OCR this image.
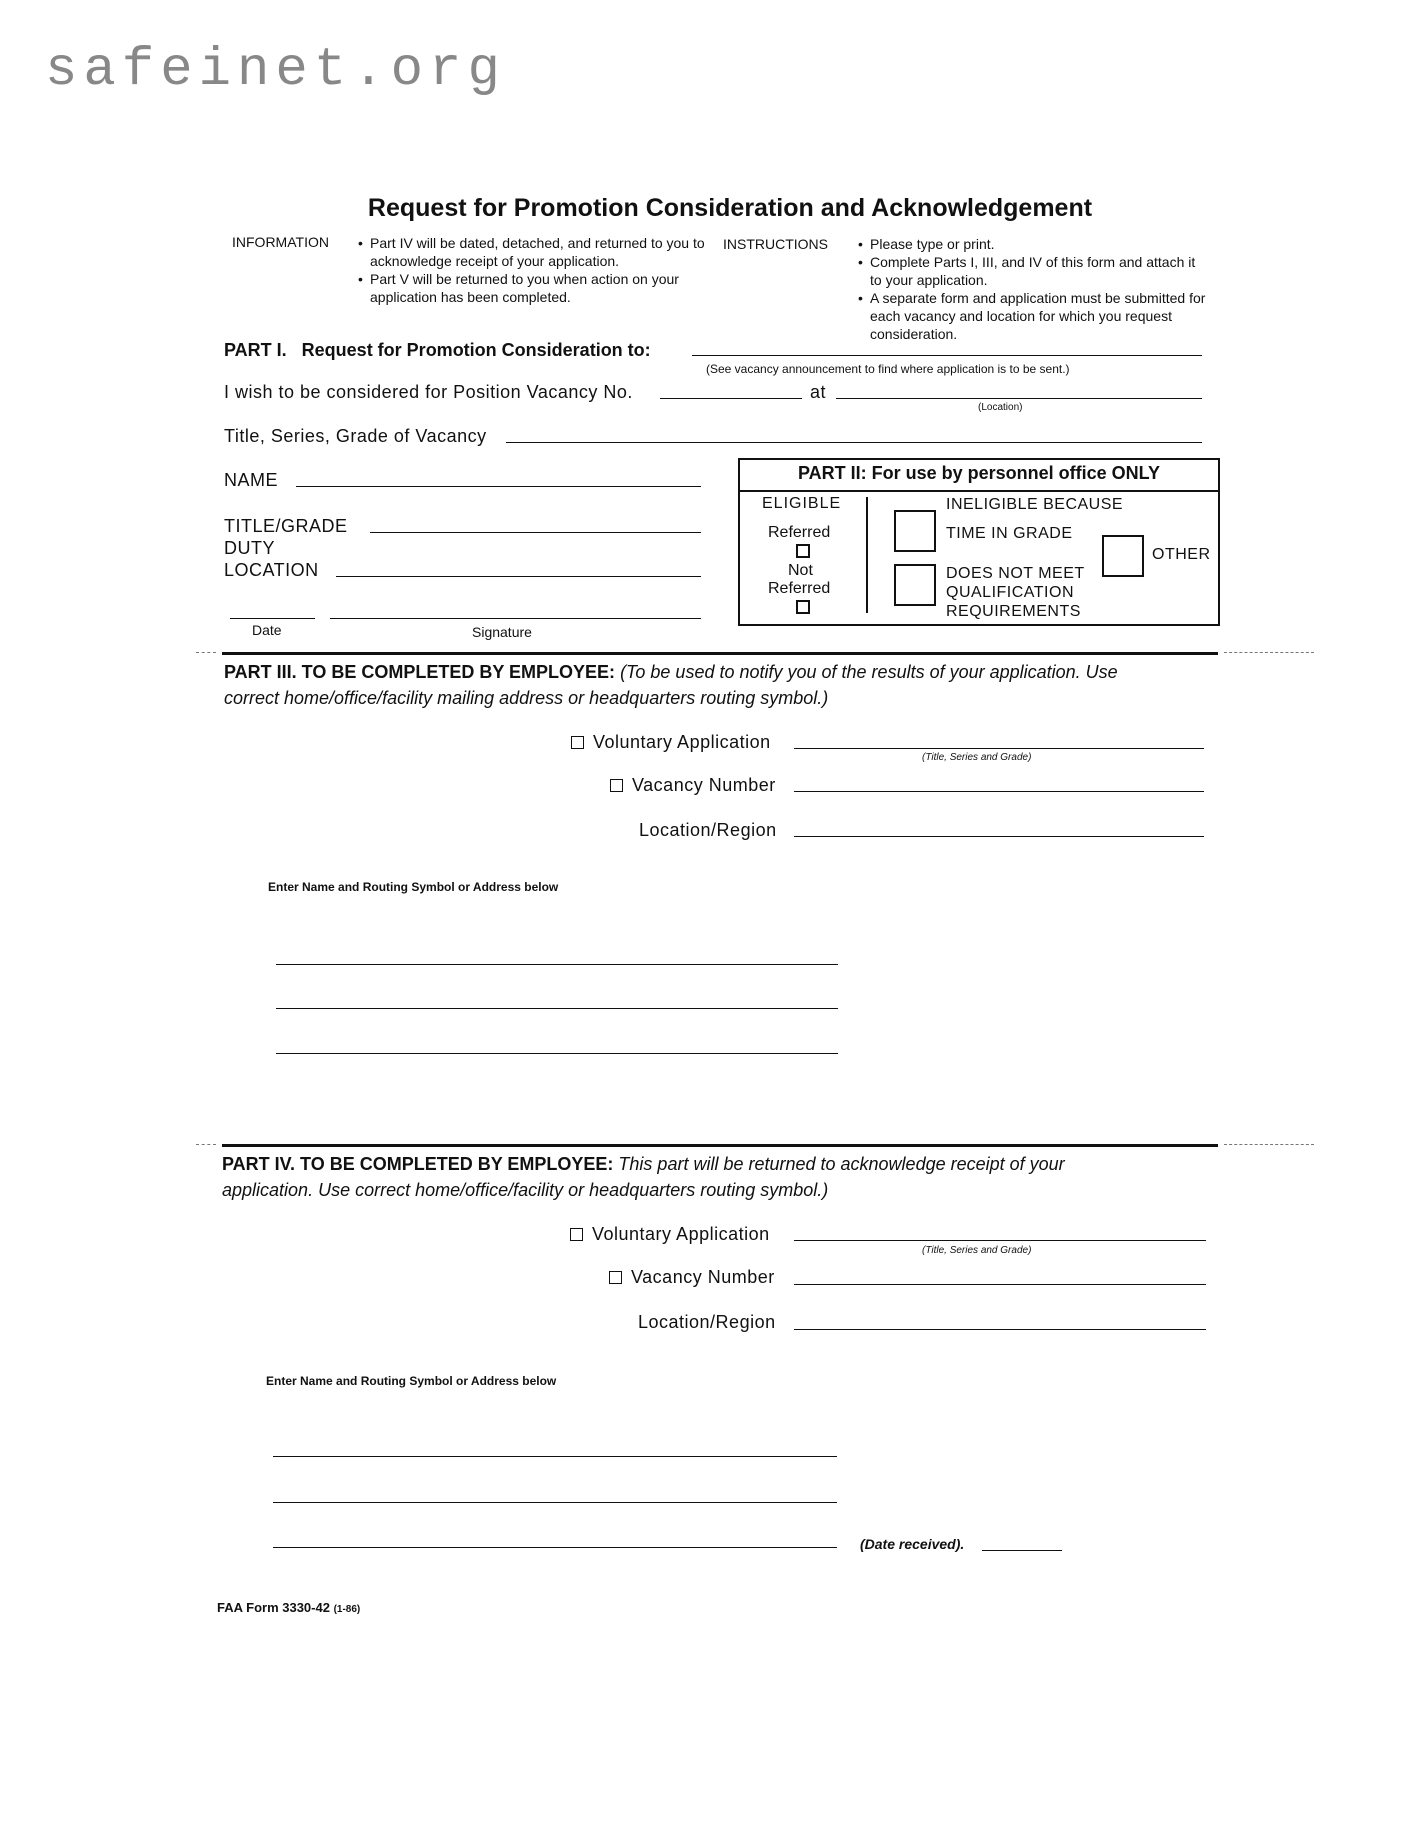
safeinet.org
Request for Promotion Consideration and Acknowledgement
INFORMATION	• Part IV will be dated, detached, and returned to you to acknowledge receipt of your application.
• Part V will be returned to you when action on your application has been completed.
INSTRUCTIONS	• Please type or print.
• Complete Parts I, III, and IV of this form and attach it to your application.
• A separate form and application must be submitted for each vacancy and location for which you request consideration.
PART I.   Request for Promotion Consideration to:
(See vacancy announcement to find where application is to be sent.)
I wish to be considered for Position Vacancy No.	at
(Location)
Title, Series, Grade of Vacancy
NAME
TITLE/GRADE
DUTY
LOCATION
Date	Signature
PART II: For use by personnel office ONLY
ELIGIBLE
Referred
Not
Referred
INELIGIBLE BECAUSE
TIME IN GRADE
DOES NOT MEET
QUALIFICATION
REQUIREMENTS
OTHER
PART III. TO BE COMPLETED BY EMPLOYEE: (To be used to notify you of the results of your application. Use
correct home/office/facility mailing address or headquarters routing symbol.)
Voluntary Application
(Title, Series and Grade)
Vacancy Number
Location/Region
Enter Name and Routing Symbol or Address below
PART IV. TO BE COMPLETED BY EMPLOYEE: This part will be returned to acknowledge receipt of your
application. Use correct home/office/facility or headquarters routing symbol.)
Voluntary Application
(Title, Series and Grade)
Vacancy Number
Location/Region
Enter Name and Routing Symbol or Address below
(Date received).
FAA Form 3330-42 (1-86)
